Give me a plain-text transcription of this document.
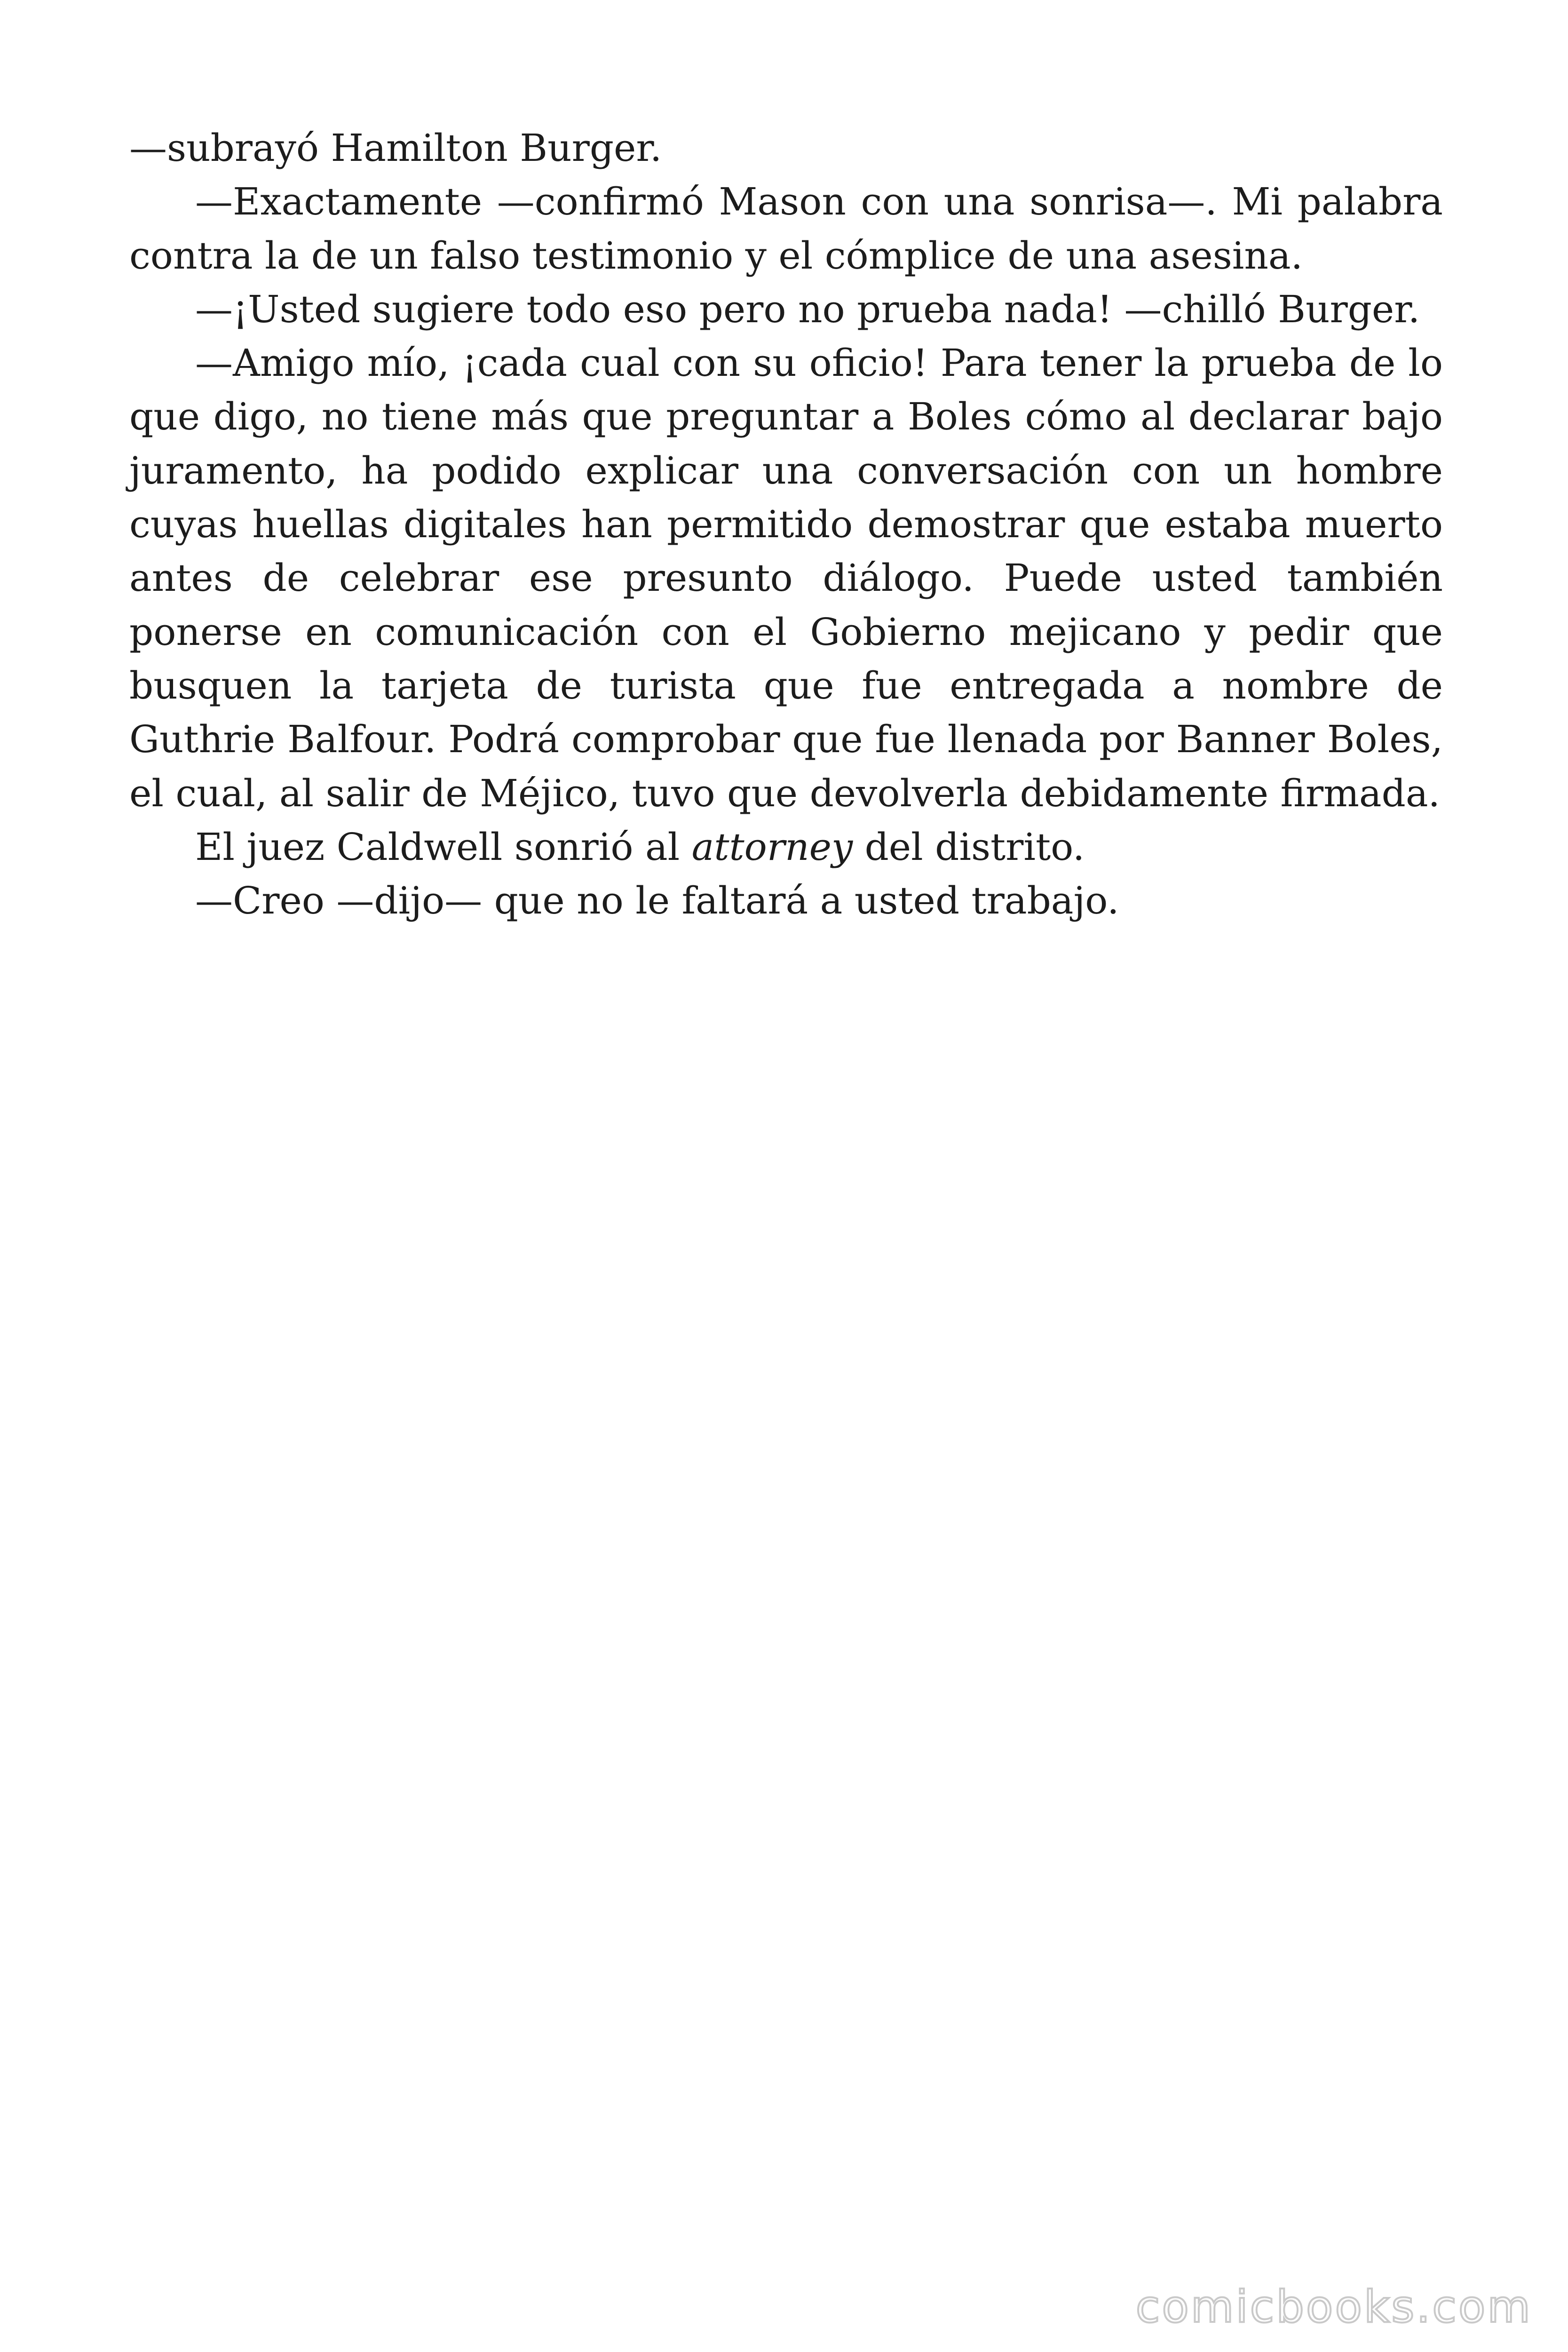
—subrayó Hamilton Burger.

—Exactamente —confirmó Mason con una sonrisa—. Mi palabra contra la de un falso testimonio y el cómplice de una asesina.

—¡Usted sugiere todo eso pero no prueba nada! —chilló Burger.

—Amigo mío, ¡cada cual con su oficio! Para tener la prueba de lo que digo, no tiene más que preguntar a Boles cómo al declarar bajo juramento, ha podido explicar una conversación con un hombre cuyas huellas digitales han permitido demostrar que estaba muerto antes de celebrar ese presunto diálogo. Puede usted también ponerse en comunicación con el Gobierno mejicano y pedir que busquen la tarjeta de turista que fue entregada a nombre de Guthrie Balfour. Podrá comprobar que fue llenada por Banner Boles, el cual, al salir de Méjico, tuvo que devolverla debidamente firmada.

El juez Caldwell sonrió al attorney del distrito.

—Creo —dijo— que no le faltará a usted trabajo.

comicbooks.com
